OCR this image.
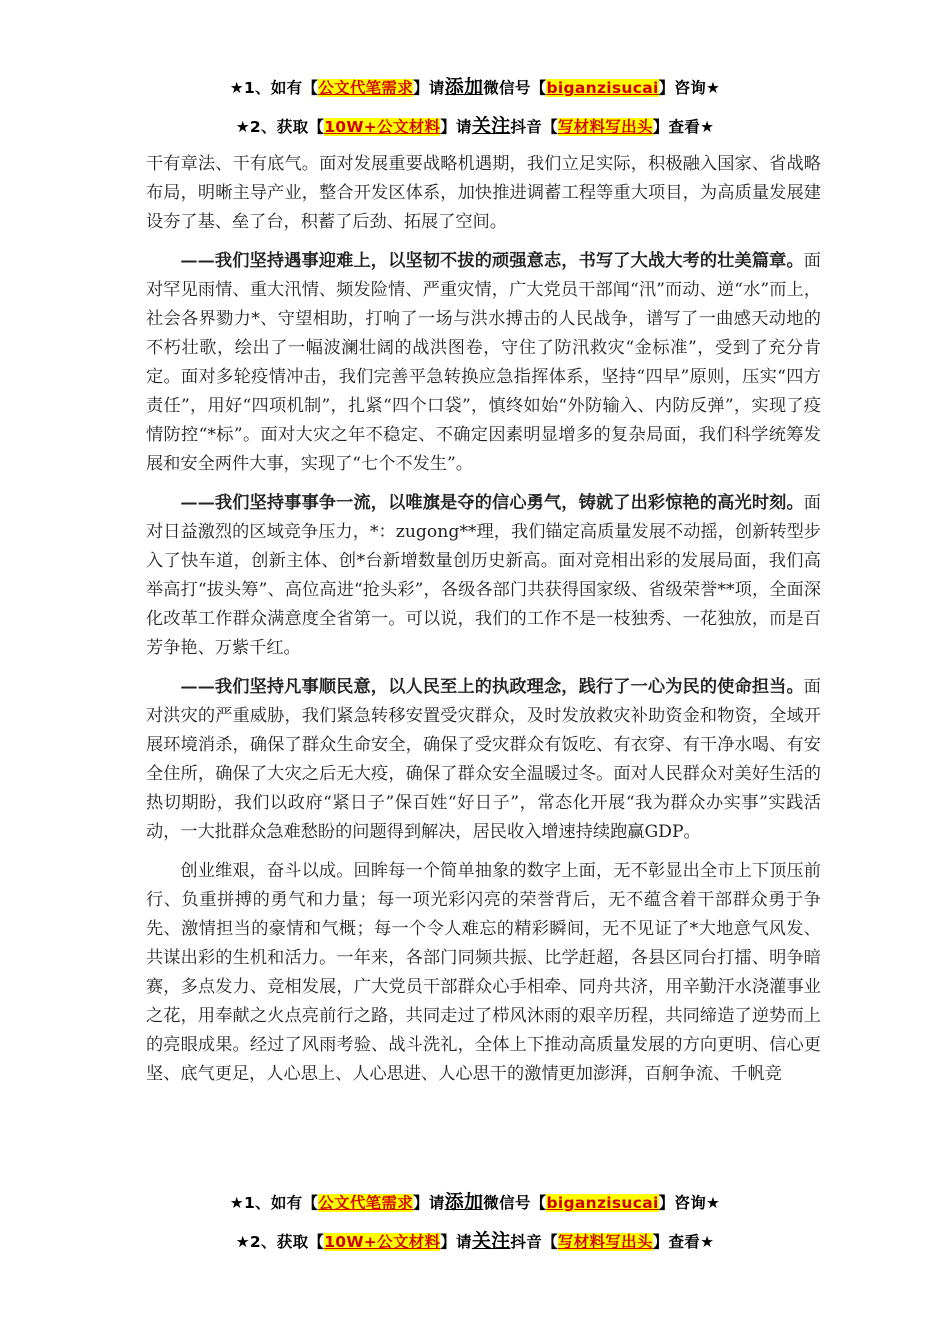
★1、如有【公文代笔需求】请添加微信号【biganzisucai】咨询★
★2、获取【10W+公文材料】请关注抖音【写材料写出头】查看★

干有章法、干有底气。面对发展重要战略机遇期，我们立足实际，积极融入国家、省战略布局，明晰主导产业，整合开发区体系，加快推进调蓄工程等重大项目，为高质量发展建设夯了基、垒了台，积蓄了后劲、拓展了空间。

——我们坚持遇事迎难上，以坚韧不拔的顽强意志，书写了大战大考的壮美篇章。面对罕见雨情、重大汛情、频发险情、严重灾情，广大党员干部闻“汛”而动、逆“水”而上，社会各界勠力*、守望相助，打响了一场与洪水搏击的人民战争，谱写了一曲感天动地的不朽壮歌，绘出了一幅波澜壮阔的战洪图卷，守住了防汛救灾“金标准”，受到了充分肯定。面对多轮疫情冲击，我们完善平急转换应急指挥体系，坚持“四早”原则，压实“四方责任”，用好“四项机制”，扎紧“四个口袋”，慎终如始“外防输入、内防反弹”，实现了疫情防控“*标”。面对大灾之年不稳定、不确定因素明显增多的复杂局面，我们科学统筹发展和安全两件大事，实现了“七个不发生”。

——我们坚持事事争一流，以唯旗是夺的信心勇气，铸就了出彩惊艳的高光时刻。面对日益激烈的区域竞争压力，*：zugong**理，我们锚定高质量发展不动摇，创新转型步入了快车道，创新主体、创*台新增数量创历史新高。面对竞相出彩的发展局面，我们高举高打“拔头筹”、高位高进“抢头彩”，各级各部门共获得国家级、省级荣誉**项，全面深化改革工作群众满意度全省第一。可以说，我们的工作不是一枝独秀、一花独放，而是百芳争艳、万紫千红。

——我们坚持凡事顺民意，以人民至上的执政理念，践行了一心为民的使命担当。面对洪灾的严重威胁，我们紧急转移安置受灾群众，及时发放救灾补助资金和物资，全域开展环境消杀，确保了群众生命安全，确保了受灾群众有饭吃、有衣穿、有干净水喝、有安全住所，确保了大灾之后无大疫，确保了群众安全温暖过冬。面对人民群众对美好生活的热切期盼，我们以政府“紧日子”保百姓“好日子”，常态化开展“我为群众办实事”实践活动，一大批群众急难愁盼的问题得到解决，居民收入增速持续跑赢GDP。

创业维艰，奋斗以成。回眸每一个简单抽象的数字上面，无不彰显出全市上下顶压前行、负重拼搏的勇气和力量；每一项光彩闪亮的荣誉背后，无不蕴含着干部群众勇于争先、激情担当的豪情和气概；每一个令人难忘的精彩瞬间，无不见证了*大地意气风发、共谋出彩的生机和活力。一年来，各部门同频共振、比学赶超，各县区同台打擂、明争暗赛，多点发力、竞相发展，广大党员干部群众心手相牵、同舟共济，用辛勤汗水浇灌事业之花，用奉献之火点亮前行之路，共同走过了栉风沐雨的艰辛历程，共同缔造了逆势而上的亮眼成果。经过了风雨考验、战斗洗礼，全体上下推动高质量发展的方向更明、信心更坚、底气更足，人心思上、人心思进、人心思干的激情更加澎湃，百舸争流、千帆竞

★1、如有【公文代笔需求】请添加微信号【biganzisucai】咨询★
★2、获取【10W+公文材料】请关注抖音【写材料写出头】查看★
